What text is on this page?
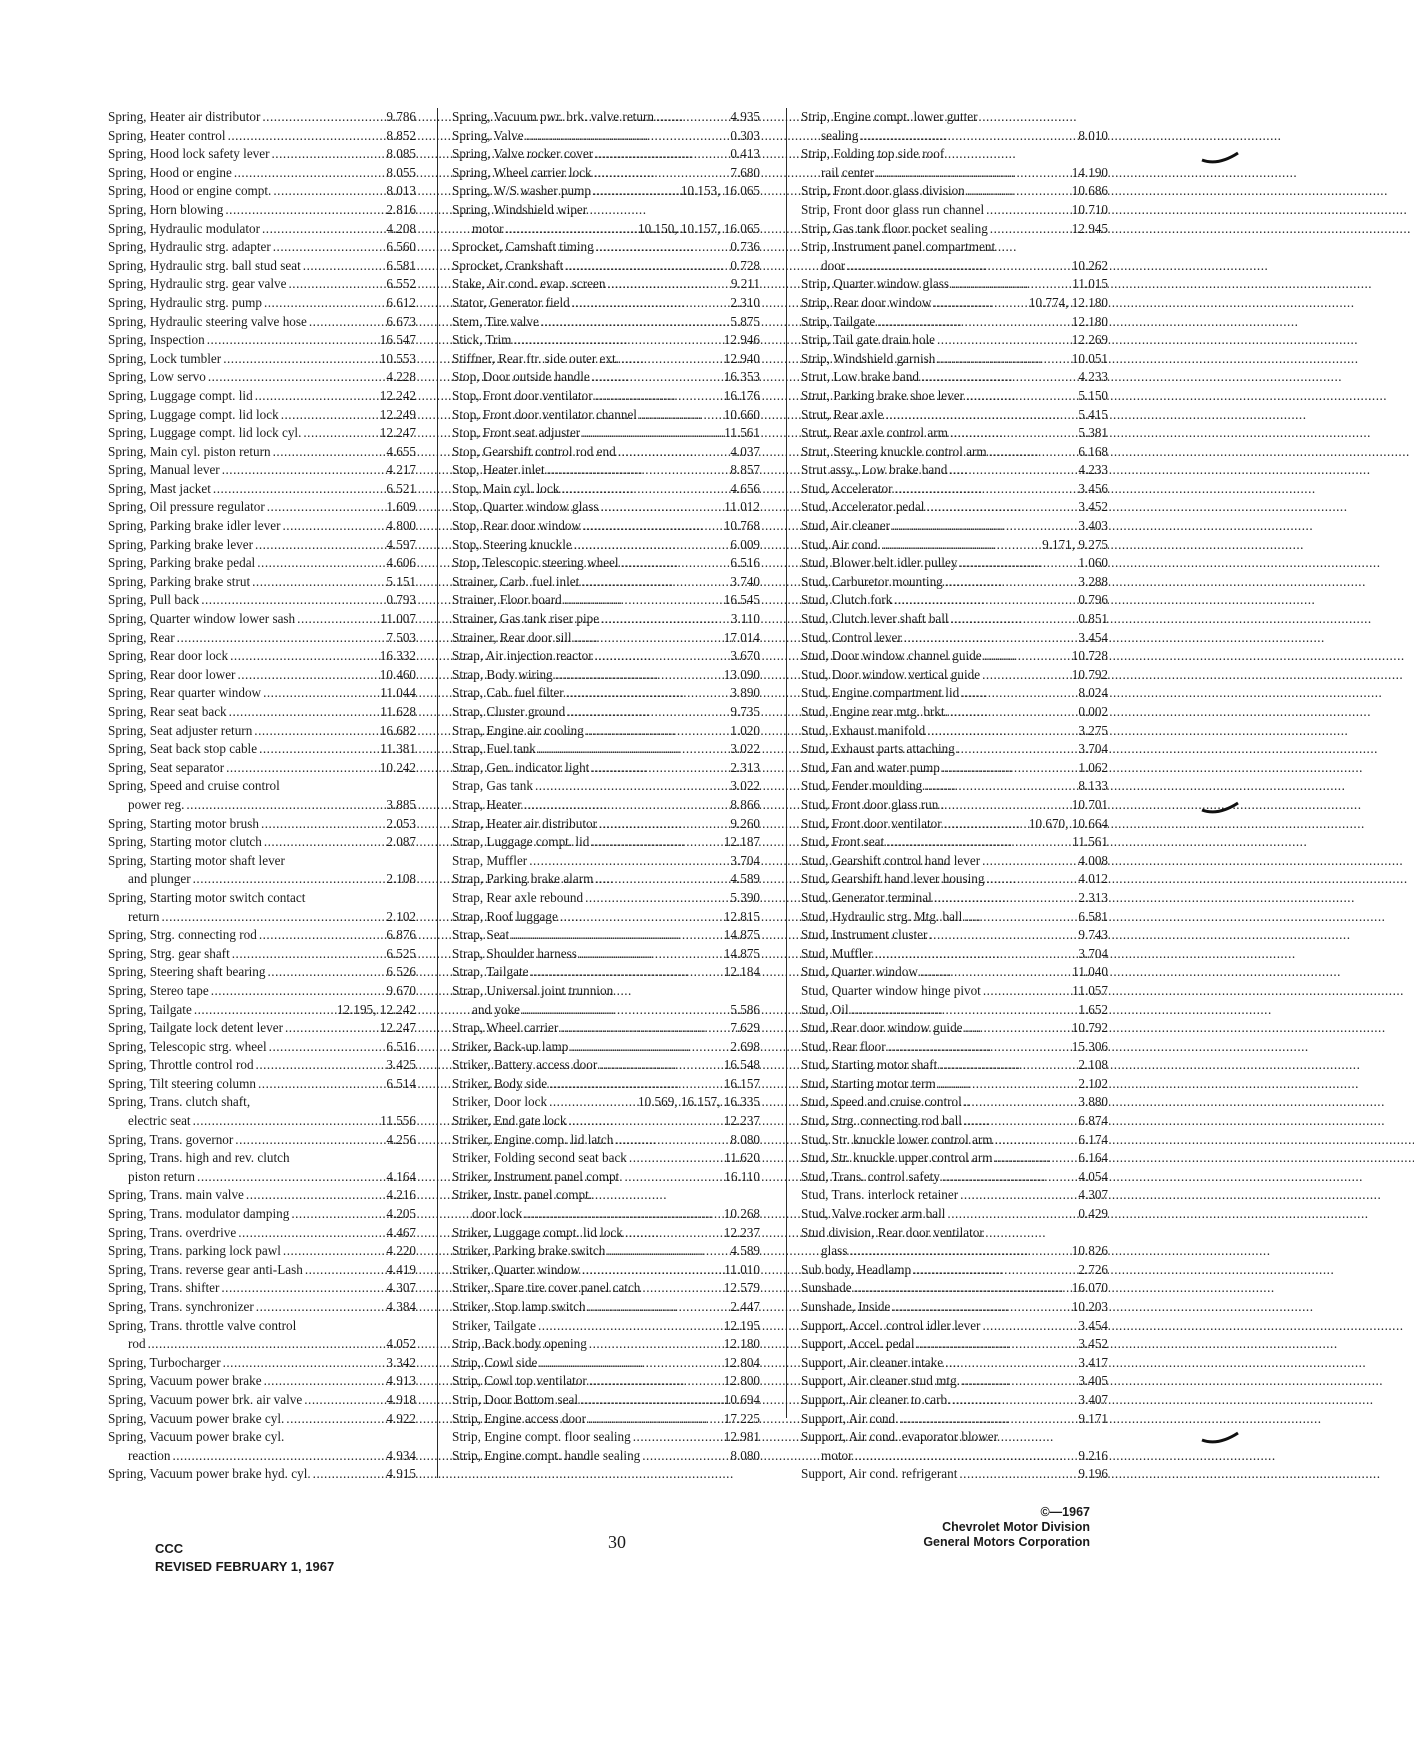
Spring, Heater air distributor . . .	9.786
Spring, Heater control . . .	8.852
Spring, Hood lock safety lever . . .	8.085
Spring, Hood or engine . . .	8.055
Spring, Hood or engine compt. . . .	8.013
Spring, Horn blowing . . .	2.816
Spring, Hydraulic modulator . . .	4.208
Spring, Hydraulic strg. adapter . . .	6.560
Spring, Hydraulic strg. ball stud seat . . .	6.581
Spring, Hydraulic strg. gear valve . . .	6.552
Spring, Hydraulic strg. pump . . .	6.612
Spring, Hydraulic steering valve hose . . .	6.673
Spring, Inspection . . .	16.547
Spring, Lock tumbler . . .	10.553
Spring, Low servo . . .	4.228
Spring, Luggage compt. lid . . .	12.242
Spring, Luggage compt. lid lock . . .	12.249
Spring, Luggage compt. lid lock cyl. . . .	12.247
Spring, Main cyl. piston return . . .	4.655
Spring, Manual lever . . .	4.217
Spring, Mast jacket . . .	6.521
Spring, Oil pressure regulator . . .	1.609
Spring, Parking brake idler lever . . .	4.800
Spring, Parking brake lever . . .	4.597
Spring, Parking brake pedal . . .	4.606
Spring, Parking brake strut . . .	5.151
Spring, Pull back . . .	0.793
Spring, Quarter window lower sash . . .	11.007
Spring, Rear . . .	7.503
Spring, Rear door lock . . .	16.332
Spring, Rear door lower . . .	10.460
Spring, Rear quarter window . . .	11.044
Spring, Rear seat back . . .	11.628
Spring, Seat adjuster return . . .	16.682
Spring, Seat back stop cable . . .	11.381
Spring, Seat separator . . .	10.242
Spring, Speed and cruise control
power reg. . . .	3.885
Spring, Starting motor brush . . .	2.053
Spring, Starting motor clutch . . .	2.087
Spring, Starting motor shaft lever
and plunger . . .	2.108
Spring, Starting motor switch contact
return . . .	2.102
Spring, Strg. connecting rod . . .	6.876
Spring, Strg. gear shaft . . .	6.525
Spring, Steering shaft bearing . . .	6.526
Spring, Stereo tape . . .	9.670
Spring, Tailgate . . .	12.195, 12.242
Spring, Tailgate lock detent lever . . .	12.247
Spring, Telescopic strg. wheel . . .	6.516
Spring, Throttle control rod . . .	3.425
Spring, Tilt steering column . . .	6.514
Spring, Trans. clutch shaft,
electric seat . . .	11.556
Spring, Trans. governor . . .	4.256
Spring, Trans. high and rev. clutch
piston return . . .	4.164
Spring, Trans. main valve . . .	4.216
Spring, Trans. modulator damping . . .	4.205
Spring, Trans. overdrive . . .	4.467
Spring, Trans. parking lock pawl . . .	4.220
Spring, Trans. reverse gear anti-Lash . . .	4.419
Spring, Trans. shifter . . .	4.307
Spring, Trans. synchronizer . . .	4.384
Spring, Trans. throttle valve control
rod . . .	4.052
Spring, Turbocharger . . .	3.342
Spring, Vacuum power brake . . .	4.913
Spring, Vacuum power brk. air valve . . .	4.918
Spring, Vacuum power brake cyl. . . .	4.922
Spring, Vacuum power brake cyl.
reaction . . .	4.934
Spring, Vacuum power brake hyd. cyl. . . .	4.915
Spring, Vacuum pwr. brk. valve return . . .	4.935
Spring, Valve . . .	0.303
Spring, Valve rocker cover . . .	0.413
Spring, Wheel carrier lock . . .	7.680
Spring, W/S washer pump . . .	10.153, 16.065
Spring, Windshield wiper
motor . . .	10.150, 10.157, 16.065
Sprocket, Camshaft timing . . .	0.736
Sprocket, Crankshaft . . .	0.728
Stake, Air cond. evap. screen . . .	9.211
Stator, Generator field . . .	2.310
Stem, Tire valve . . .	5.875
Stick, Trim . . .	12.946
Stiffner, Rear ftr. side outer ext. . . .	12.940
Stop, Door outside handle . . .	16.353
Stop, Front door ventilator . . .	16.176
Stop, Front door ventilator channel . . .	10.660
Stop, Front seat adjuster . . .	11.561
Stop, Gearshift control rod end . . .	4.037
Stop, Heater inlet . . .	8.857
Stop, Main cyl. lock . . .	4.656
Stop, Quarter window glass . . .	11.012
Stop, Rear door window . . .	10.768
Stop, Steering knuckle . . .	6.009
Stop, Telescopic steering wheel . . .	6.516
Strainer, Carb. fuel inlet . . .	3.740
Strainer, Floor board . . .	16.545
Strainer, Gas tank riser pipe . . .	3.110
Strainer, Rear door sill . . .	17.014
Strap, Air injection reactor . . .	3.670
Strap, Body wiring . . .	13.090
Strap, Cab. fuel filter . . .	3.890
Strap, Cluster ground . . .	9.735
Strap, Engine air cooling . . .	1.020
Strap, Fuel tank . . .	3.022
Strap, Gen. indicator light . . .	2.313
Strap, Gas tank . . .	3.022
Strap, Heater . . .	8.866
Strap, Heater air distributor . . .	9.260
Strap, Luggage compt. lid . . .	12.187
Strap, Muffler . . .	3.704
Strap, Parking brake alarm . . .	4.589
Strap, Rear axle rebound . . .	5.390
Strap, Roof luggage . . .	12.815
Strap, Seat . . .	14.875
Strap, Shoulder harness . . .	14.875
Strap, Tailgate . . .	12.184
Strap, Universal joint trunnion
and yoke . . .	5.586
Strap, Wheel carrier . . .	7.629
Striker, Back-up lamp . . .	2.698
Striker, Battery access door . . .	16.548
Striker, Body side . . .	16.157
Striker, Door lock . . .	10.569, 16.157, 16.335
Striker, End gate lock . . .	12.237
Striker, Engine comp. lid latch . . .	8.080
Striker, Folding second seat back . . .	11.620
Striker, Instrument panel compt. . . .	16.110
Striker, Instr. panel compt.
door lock . . .	10.268
Striker, Luggage compt. lid lock . . .	12.237
Striker, Parking brake switch . . .	4.589
Striker, Quarter window . . .	11.010
Striker, Spare tire cover panel catch . . .	12.579
Striker, Stop lamp switch . . .	2.447
Striker, Tailgate . . .	12.195
Strip, Back body opening . . .	12.180
Strip, Cowl side . . .	12.804
Strip, Cowl top ventilator . . .	12.800
Strip, Door Bottom seal . . .	10.694
Strip, Engine access door . . .	17.225
Strip, Engine compt. floor sealing . . .	12.981
Strip, Engine compt. handle sealing . . .	8.080
Strip, Engine compt. lower gutter
sealing . . .	8.010
Strip, Folding top side roof
rail center . . .	14.190
Strip, Front door glass division . . .	10.686
Strip, Front door glass run channel . . .	10.710
Strip, Gas tank floor pocket sealing . . .	12.945
Strip, Instrument panel compartment
door . . .	10.262
Strip, Quarter window glass . . .	11.015
Strip, Rear door window . . .	10.774, 12.180
Strip, Tailgate . . .	12.180
Strip, Tail gate drain hole . . .	12.269
Strip, Windshield garnish . . .	10.051
Strut, Low brake band . . .	4.233
Strut, Parking brake shoe lever . . .	5.150
Strut, Rear axle . . .	5.415
Strut, Rear axle control arm . . .	5.381
Strut, Steering knuckle control arm . . .	6.168
Strut assy., Low brake band . . .	4.233
Stud, Accelerator . . .	3.456
Stud, Accelerator pedal . . .	3.452
Stud, Air cleaner . . .	3.403
Stud, Air cond. . . .	9.171, 9.275
Stud, Blower belt idler pulley . . .	1.060
Stud, Carburetor mounting . . .	3.288
Stud, Clutch fork . . .	0.796
Stud, Clutch lever shaft ball . . .	0.851
Stud, Control lever . . .	3.454
Stud, Door window channel guide . . .	10.728
Stud, Door window vertical guide . . .	10.792
Stud, Engine compartment lid . . .	8.024
Stud, Engine rear mtg. brkt. . . .	0.002
Stud, Exhaust manifold . . .	3.275
Stud, Exhaust parts attaching . . .	3.704
Stud, Fan and water pump . . .	1.062
Stud, Fender moulding . . .	8.133
Stud, Front door glass run . . .	10.701
Stud, Front door ventilator . . .	10.670, 10.664
Stud, Front seat . . .	11.561
Stud, Gearshift control hand lever . . .	4.008
Stud, Gearshift hand lever housing . . .	4.012
Stud, Generator terminal . . .	2.313
Stud, Hydraulic strg. Mtg. ball . . .	6.581
Stud, Instrument cluster . . .	9.743
Stud, Muffler . . .	3.704
Stud, Quarter window . . .	11.040
Stud, Quarter window hinge pivot . . .	11.057
Stud, Oil . . .	1.652
Stud, Rear door window guide . . .	10.792
Stud, Rear floor . . .	15.306
Stud, Starting motor shaft . . .	2.108
Stud, Starting motor term . . .	2.102
Stud, Speed and cruise control . . .	3.880
Stud, Strg. connecting rod ball . . .	6.874
Stud, Str. knuckle lower control arm . . .	6.174
Stud, Str. knuckle upper control arm . . .	6.164
Stud, Trans. control safety . . .	4.054
Stud, Trans. interlock retainer . . .	4.307
Stud, Valve rocker arm ball . . .	0.429
Stud division, Rear door ventilator
glass . . .	10.826
Sub body, Headlamp . . .	2.726
Sunshade . . .	16.070
Sunshade, Inside . . .	10.203
Support, Accel. control idler lever . . .	3.454
Support, Accel. pedal . . .	3.452
Support, Air cleaner intake . . .	3.417
Support, Air cleaner stud mtg. . . .	3.405
Support, Air cleaner to carb. . . .	3.407
Support, Air cond. . . .	9.171
Support, Air cond. evaporator blower
motor . . .	9.216
Support, Air cond. refrigerant . . .	9.196
CCC
REVISED FEBRUARY 1, 1967
30
©—1967
Chevrolet Motor Division
General Motors Corporation
